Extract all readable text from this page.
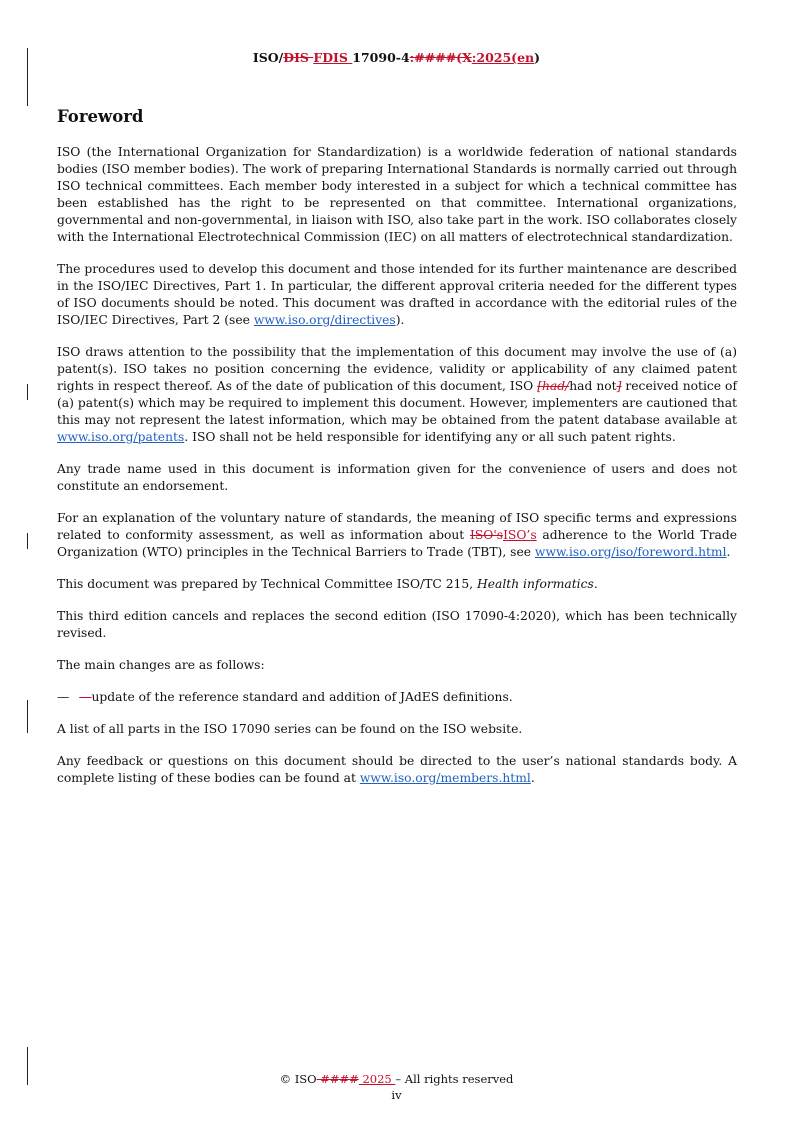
ISO/DIS FDIS 17090-4:####(X:2025(en)
Foreword

ISO (the International Organization for Standardization) is a worldwide federation of national standards bodies (ISO member bodies). The work of preparing International Standards is normally carried out through ISO technical committees. Each member body interested in a subject for which a technical committee has been established has the right to be represented on that committee. International organizations, governmental and non-governmental, in liaison with ISO, also take part in the work. ISO collaborates closely with the International Electrotechnical Commission (IEC) on all matters of electrotechnical standardization.

The procedures used to develop this document and those intended for its further maintenance are described in the ISO/IEC Directives, Part 1. In particular, the different approval criteria needed for the different types of ISO documents should be noted. This document was drafted in accordance with the editorial rules of the ISO/IEC Directives, Part 2 (see www.iso.org/directives).

ISO draws attention to the possibility that the implementation of this document may involve the use of (a) patent(s). ISO takes no position concerning the evidence, validity or applicability of any claimed patent rights in respect thereof. As of the date of publication of this document, ISO [had/had not] received notice of (a) patent(s) which may be required to implement this document. However, implementers are cautioned that this may not represent the latest information, which may be obtained from the patent database available at www.iso.org/patents. ISO shall not be held responsible for identifying any or all such patent rights.

Any trade name used in this document is information given for the convenience of users and does not constitute an endorsement.

For an explanation of the voluntary nature of standards, the meaning of ISO specific terms and expressions related to conformity assessment, as well as information about ISO'sISO’s adherence to the World Trade Organization (WTO) principles in the Technical Barriers to Trade (TBT), see www.iso.org/iso/foreword.html.

This document was prepared by Technical Committee ISO/TC 215, Health informatics.

This third edition cancels and replaces the second edition (ISO 17090-4:2020), which has been technically revised.

The main changes are as follows:

— —update of the reference standard and addition of JAdES definitions.

A list of all parts in the ISO 17090 series can be found on the ISO website.

Any feedback or questions on this document should be directed to the user’s national standards body. A complete listing of these bodies can be found at www.iso.org/members.html.

© ISO #### 2025 – All rights reserved
iv
